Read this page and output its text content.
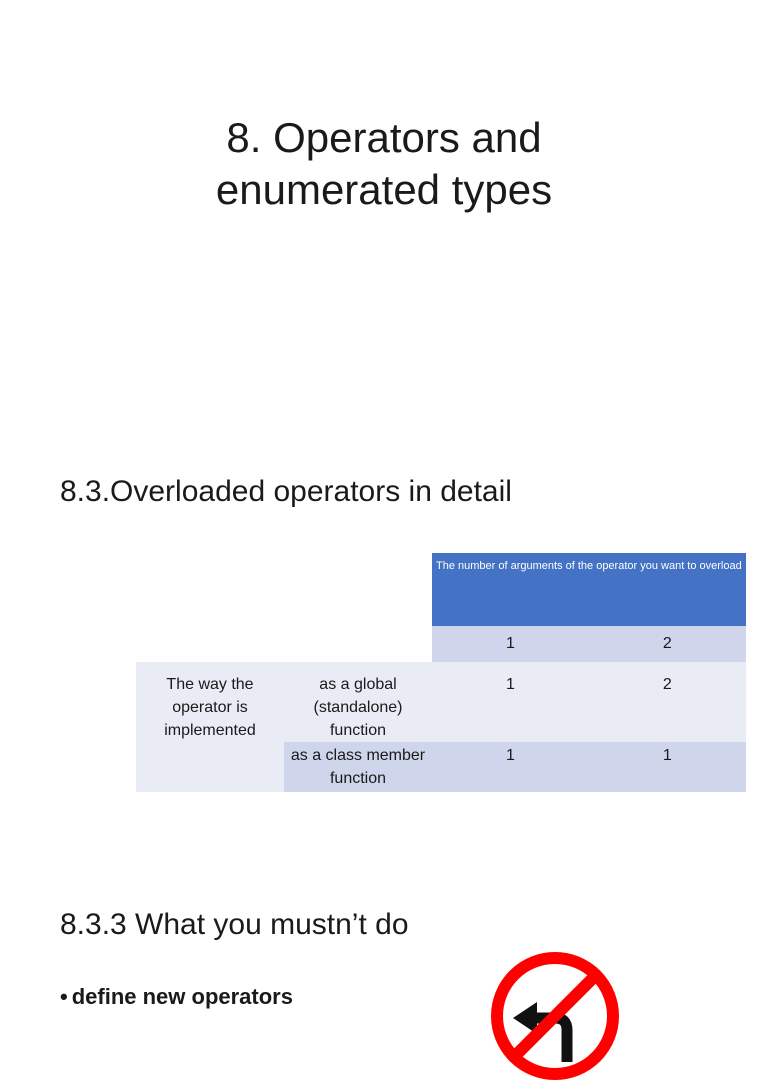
8. Operators and
enumerated types
8.3.Overloaded operators in detail
		The number of arguments of the operator you want to overload	
		1	2
The way the operator is implemented	as a global (standalone) function	1	2
	as a class member function	1	1
8.3.3 What you mustn’t do
• define new operators
